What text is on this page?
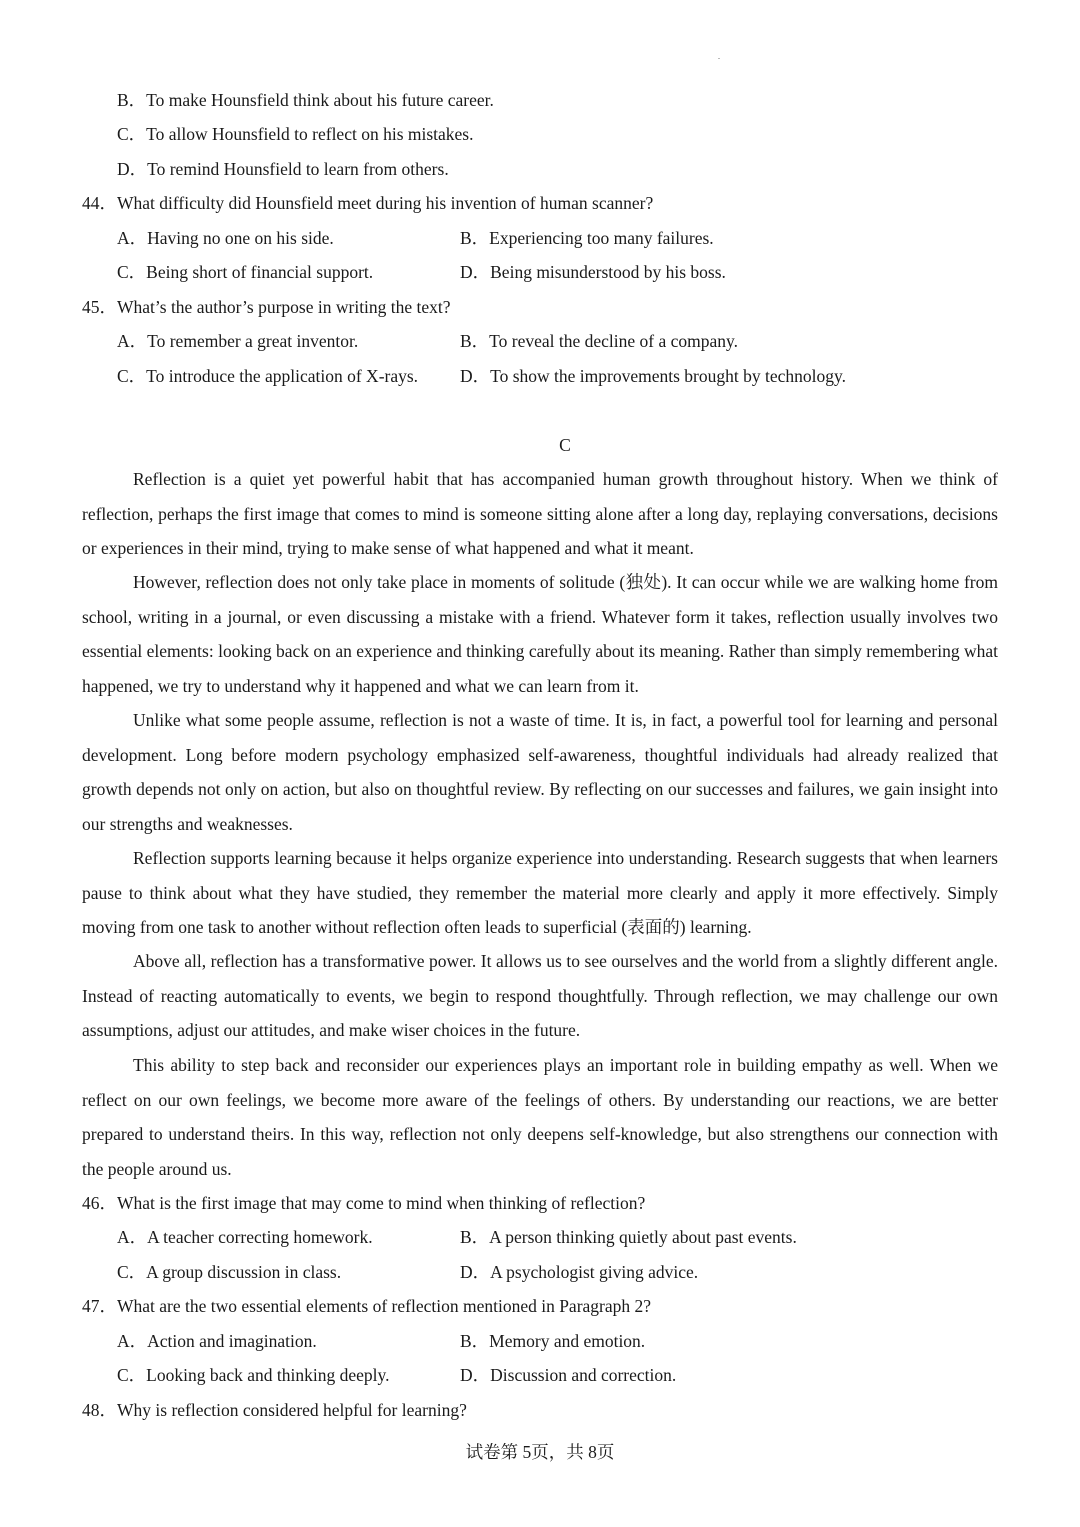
B．To make Hounsfield think about his future career.
C．To allow Hounsfield to reflect on his mistakes.
D．To remind Hounsfield to learn from others.
44．What difficulty did Hounsfield meet during his invention of human scanner?
A．Having no one on his side.	B．Experiencing too many failures.
C．Being short of financial support.	D．Being misunderstood by his boss.
45．What’s the author’s purpose in writing the text?
A．To remember a great inventor.	B．To reveal the decline of a company.
C．To introduce the application of X-rays. D．To show the improvements brought by technology.
C

Reflection is a quiet yet powerful habit that has accompanied human growth throughout history. When we think of reflection, perhaps the first image that comes to mind is someone sitting alone after a long day, replaying conversations, decisions or experiences in their mind, trying to make sense of what happened and what it meant.

However, reflection does not only take place in moments of solitude (独处). It can occur while we are walking home from school, writing in a journal, or even discussing a mistake with a friend. Whatever form it takes, reflection usually involves two essential elements: looking back on an experience and thinking carefully about its meaning. Rather than simply remembering what happened, we try to understand why it happened and what we can learn from it.

Unlike what some people assume, reflection is not a waste of time. It is, in fact, a powerful tool for learning and personal development. Long before modern psychology emphasized self-awareness, thoughtful individuals had already realized that growth depends not only on action, but also on thoughtful review. By reflecting on our successes and failures, we gain insight into our strengths and weaknesses.

Reflection supports learning because it helps organize experience into understanding. Research suggests that when learners pause to think about what they have studied, they remember the material more clearly and apply it more effectively. Simply moving from one task to another without reflection often leads to superficial (表面的) learning.

Above all, reflection has a transformative power. It allows us to see ourselves and the world from a slightly different angle. Instead of reacting automatically to events, we begin to respond thoughtfully. Through reflection, we may challenge our own assumptions, adjust our attitudes, and make wiser choices in the future.

This ability to step back and reconsider our experiences plays an important role in building empathy as well. When we reflect on our own feelings, we become more aware of the feelings of others. By understanding our reactions, we are better prepared to understand theirs. In this way, reflection not only deepens self-knowledge, but also strengthens our connection with the people around us.

46．What is the first image that may come to mind when thinking of reflection?
A．A teacher correcting homework.	B．A person thinking quietly about past events.
C．A group discussion in class.	D．A psychologist giving advice.
47．What are the two essential elements of reflection mentioned in Paragraph 2?
A．Action and imagination.	B．Memory and emotion.
C．Looking back and thinking deeply.	D．Discussion and correction.
48．Why is reflection considered helpful for learning?
试卷第 5页，共 8页
